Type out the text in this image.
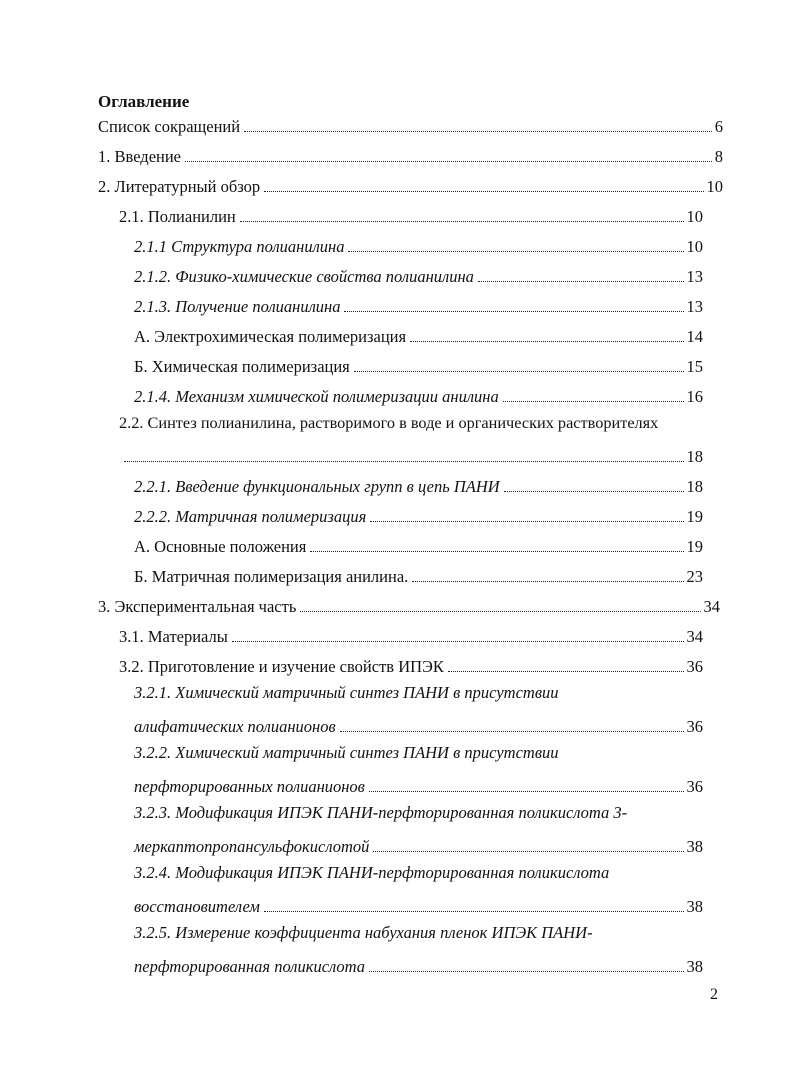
Оглавление
Список сокращений	6
1. Введение	8
2. Литературный обзор	10
2.1. Полианилин	10
2.1.1 Структура полианилина	10
2.1.2. Физико-химические свойства полианилина	13
2.1.3. Получение полианилина	13
А. Электрохимическая полимеризация	14
Б. Химическая полимеризация	15
2.1.4. Механизм химической полимеризации анилина	16
2.2. Синтез полианилина, растворимого в воде и органических растворителях
18
2.2.1. Введение функциональных групп в цепь ПАНИ	18
2.2.2. Матричная полимеризация	19
А. Основные положения	19
Б. Матричная полимеризация анилина.	23
3. Экспериментальная часть	34
3.1. Материалы	34
3.2. Приготовление и изучение свойств ИПЭК	36
3.2.1. Химический матричный синтез ПАНИ в присутствии
алифатических полианионов	36
3.2.2. Химический матричный синтез ПАНИ в присутствии
перфторированных полианионов	36
3.2.3. Модификация ИПЭК ПАНИ-перфторированная поликислота 3-
меркаптопропансульфокислотой	38
3.2.4. Модификация ИПЭК ПАНИ-перфторированная поликислота
восстановителем	38
3.2.5. Измерение коэффициента набухания пленок ИПЭК ПАНИ-
перфторированная поликислота	38
2
